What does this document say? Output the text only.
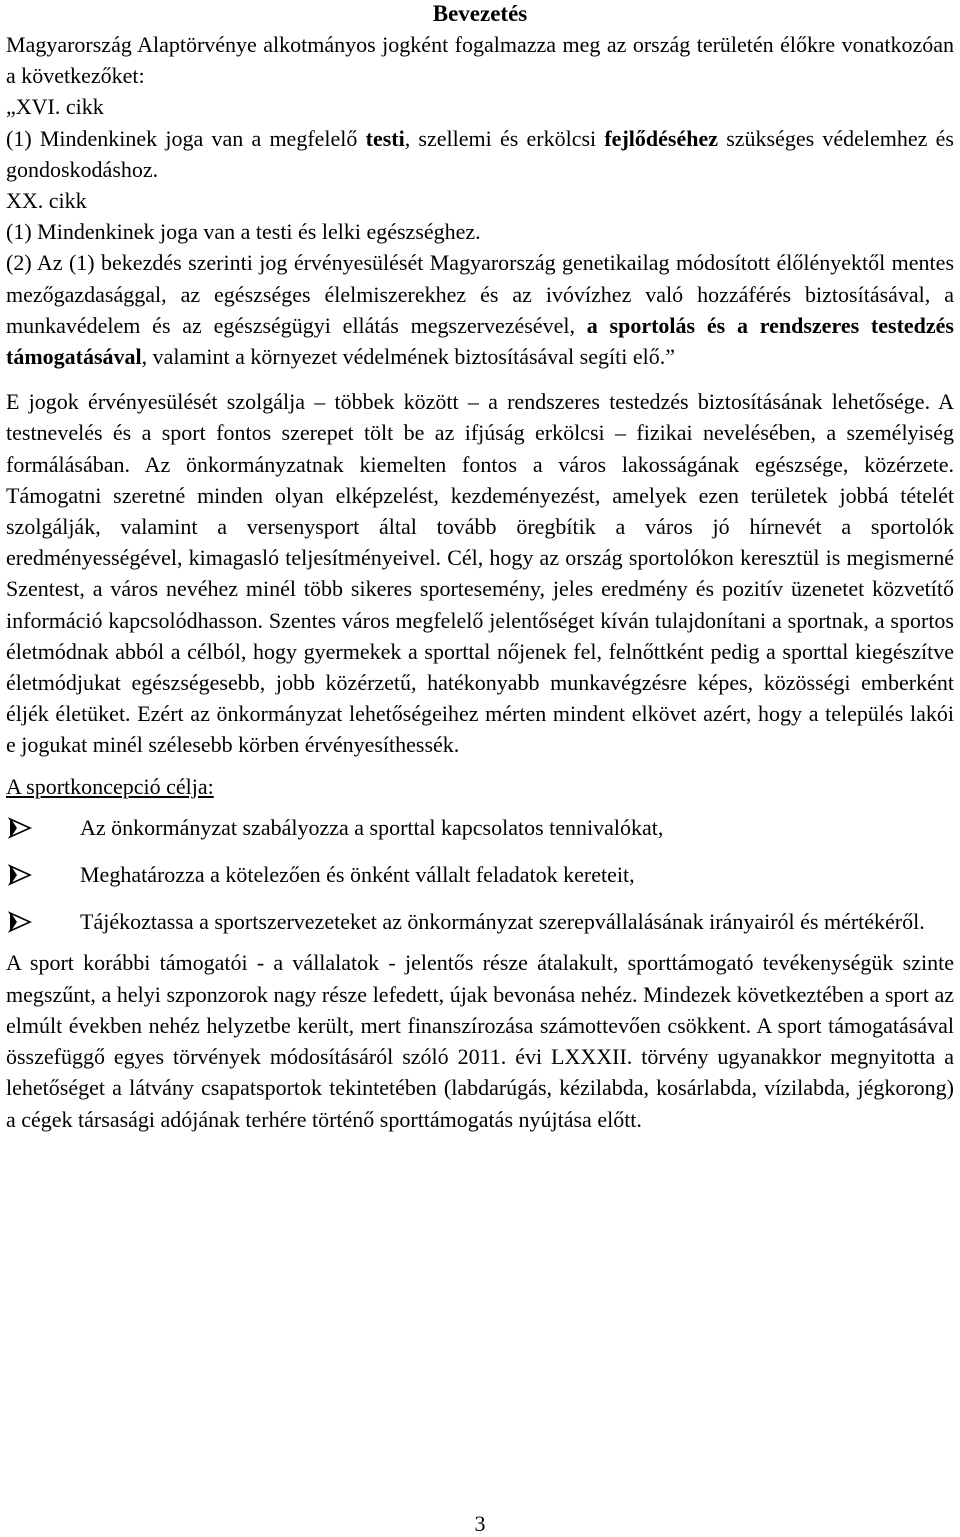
Bevezetés

Magyarország Alaptörvénye alkotmányos jogként fogalmazza meg az ország területén élőkre vonatkozóan a következőket:

„XVI. cikk

(1) Mindenkinek joga van a megfelelő testi, szellemi és erkölcsi fejlődéséhez szükséges védelemhez és gondoskodáshoz.

XX. cikk

(1) Mindenkinek joga van a testi és lelki egészséghez.

(2) Az (1) bekezdés szerinti jog érvényesülését Magyarország genetikailag módosított élőlényektől mentes mezőgazdasággal, az egészséges élelmiszerekhez és az ivóvízhez való hozzáférés biztosításával, a munkavédelem és az egészségügyi ellátás megszervezésével, a sportolás és a rendszeres testedzés támogatásával, valamint a környezet védelmének biztosításával segíti elő.”

E jogok érvényesülését szolgálja – többek között – a rendszeres testedzés biztosításának lehetősége. A testnevelés és a sport fontos szerepet tölt be az ifjúság erkölcsi – fizikai nevelésében, a személyiség formálásában. Az önkormányzatnak kiemelten fontos a város lakosságának egészsége, közérzete. Támogatni szeretné minden olyan elképzelést, kezdeményezést, amelyek ezen területek jobbá tételét szolgálják, valamint a versenysport által tovább öregbítik a város jó hírnevét a sportolók eredményességével, kimagasló teljesítményeivel. Cél, hogy az ország sportolókon keresztül is megismerné Szentest, a város nevéhez minél több sikeres sportesemény, jeles eredmény és pozitív üzenetet közvetítő információ kapcsolódhasson. Szentes város megfelelő jelentőséget kíván tulajdonítani a sportnak, a sportos életmódnak abból a célból, hogy gyermekek a sporttal nőjenek fel, felnőttként pedig a sporttal kiegészítve életmódjukat egészségesebb, jobb közérzetű, hatékonyabb munkavégzésre képes, közösségi emberként éljék életüket. Ezért az önkormányzat lehetőségeihez mérten mindent elkövet azért, hogy a település lakói e jogukat minél szélesebb körben érvényesíthessék.

A sportkoncepció célja:

Az önkormányzat szabályozza a sporttal kapcsolatos tennivalókat,
Meghatározza a kötelezően és önként vállalt feladatok kereteit,
Tájékoztassa a sportszervezeteket az önkormányzat szerepvállalásának irányairól és mértékéről.

A sport korábbi támogatói - a vállalatok - jelentős része átalakult, sporttámogató tevékenységük szinte megszűnt, a helyi szponzorok nagy része lefedett, újak bevonása nehéz. Mindezek következtében a sport az elmúlt években nehéz helyzetbe került, mert finanszírozása számottevően csökkent. A sport támogatásával összefüggő egyes törvények módosításáról szóló 2011. évi LXXXII. törvény ugyanakkor megnyitotta a lehetőséget a látvány csapatsportok tekintetében (labdarúgás, kézilabda, kosárlabda, vízilabda, jégkorong) a cégek társasági adójának terhére történő sporttámogatás nyújtása előtt.

3
